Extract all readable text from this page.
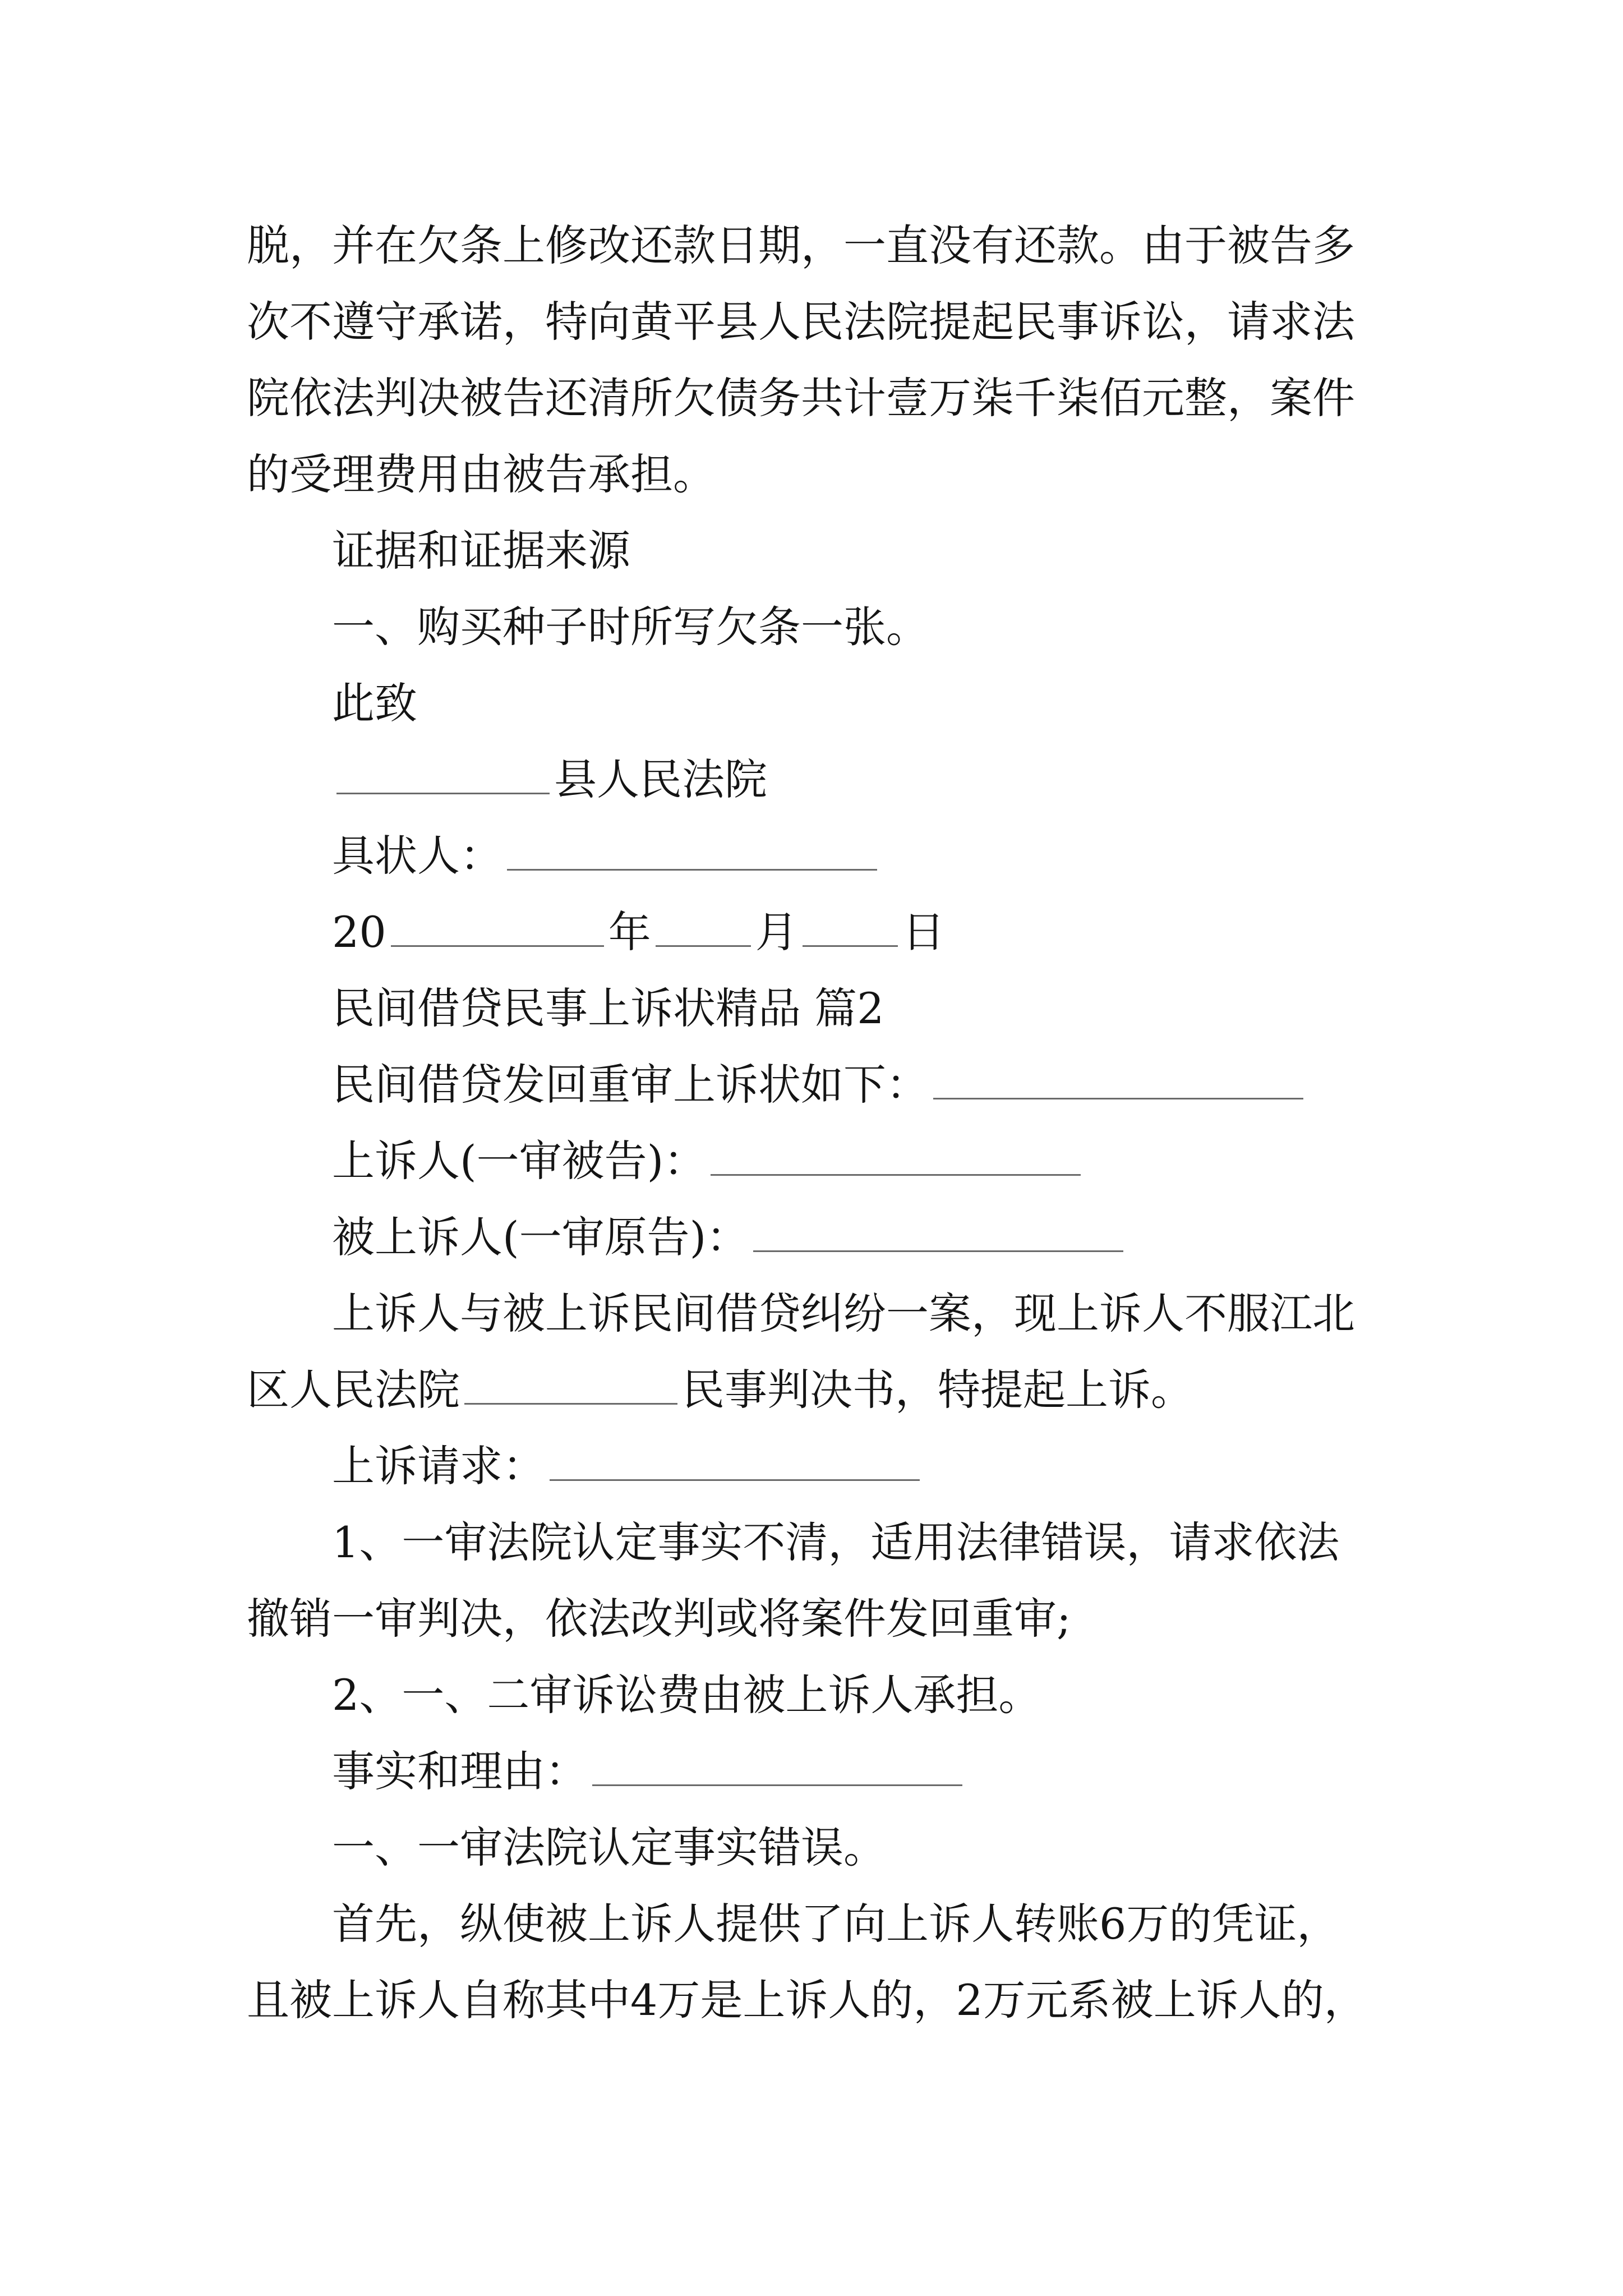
脱，并在欠条上修改还款日期，一直没有还款。由于被告多
次不遵守承诺，特向黄平县人民法院提起民事诉讼，请求法
院依法判决被告还清所欠债务共计壹万柒千柒佰元整，案件
的受理费用由被告承担。
证据和证据来源
一、购买种子时所写欠条一张。
此致
县人民法院
具状人：
20	年 月 日
民间借贷民事上诉状精品 篇2
民间借贷发回重审上诉状如下：
上诉人(一审被告)：
被上诉人(一审原告)：
上诉人与被上诉民间借贷纠纷一案，现上诉人不服江北
区人民法院	民事判决书，特提起上诉。
上诉请求：
1、一审法院认定事实不清，适用法律错误，请求依法
撤销一审判决，依法改判或将案件发回重审;
2、一、二审诉讼费由被上诉人承担。
事实和理由：
一、一审法院认定事实错误。
首先，纵使被上诉人提供了向上诉人转账6万的凭证，
且被上诉人自称其中4万是上诉人的，2万元系被上诉人的，
